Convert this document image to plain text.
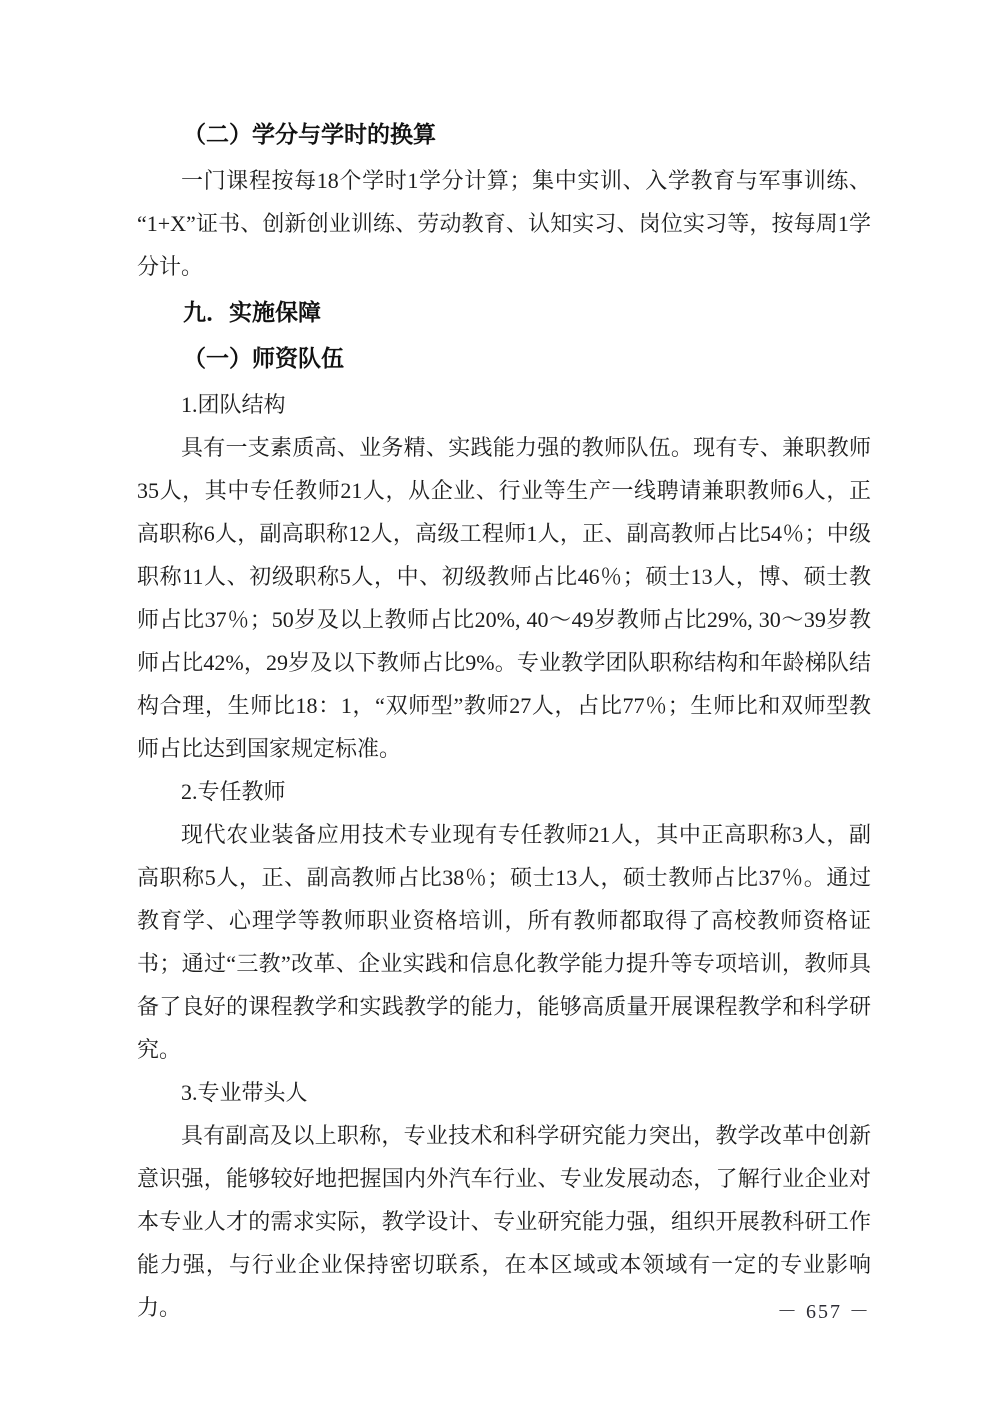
（二）学分与学时的换算
一门课程按每18个学时1学分计算；集中实训、入学教育与军事训练、“1+X”证书、创新创业训练、劳动教育、认知实习、岗位实习等，按每周1学分计。
九．实施保障
（一）师资队伍
1.团队结构
具有一支素质高、业务精、实践能力强的教师队伍。现有专、兼职教师35人，其中专任教师21人，从企业、行业等生产一线聘请兼职教师6人，正高职称6人，副高职称12人，高级工程师1人，正、副高教师占比54％；中级职称11人、初级职称5人，中、初级教师占比46％；硕士13人，博、硕士教师占比37％；50岁及以上教师占比20%, 40～49岁教师占比29%, 30～39岁教师占比42%，29岁及以下教师占比9%。专业教学团队职称结构和年龄梯队结构合理，生师比18：1，“双师型”教师27人，占比77％；生师比和双师型教师占比达到国家规定标准。
2.专任教师
现代农业装备应用技术专业现有专任教师21人，其中正高职称3人，副高职称5人，正、副高教师占比38％；硕士13人，硕士教师占比37％。通过教育学、心理学等教师职业资格培训，所有教师都取得了高校教师资格证书；通过“三教”改革、企业实践和信息化教学能力提升等专项培训，教师具备了良好的课程教学和实践教学的能力，能够高质量开展课程教学和科学研究。
3.专业带头人
具有副高及以上职称，专业技术和科学研究能力突出，教学改革中创新意识强，能够较好地把握国内外汽车行业、专业发展动态，了解行业企业对本专业人才的需求实际，教学设计、专业研究能力强，组织开展教科研工作能力强，与行业企业保持密切联系，在本区域或本领域有一定的专业影响力。	－ 657 －
